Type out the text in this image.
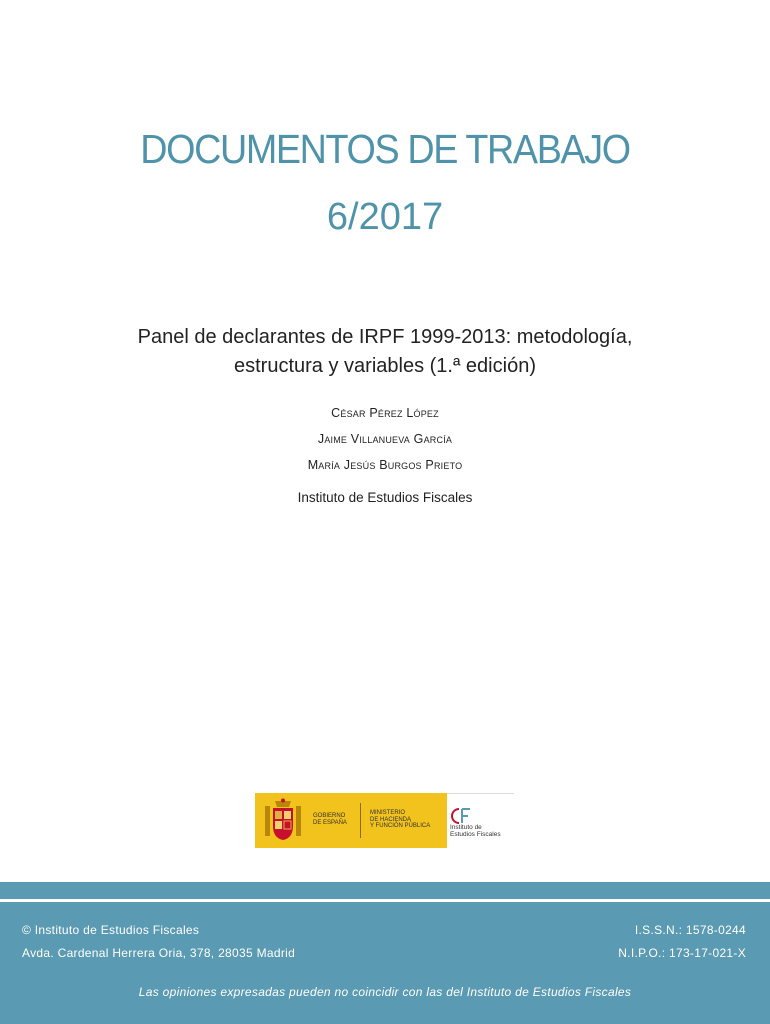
DOCUMENTOS DE TRABAJO
6/2017
Panel de declarantes de IRPF 1999-2013: metodología,
estructura y variables (1.ª edición)
César Pérez López
Jaime Villanueva García
María Jesús Burgos Prieto
Instituto de Estudios Fiscales
GOBIERNO
DE ESPAÑA
MINISTERIO
DE HACIENDA
Y FUNCIÓN PÚBLICA	Instituto de
Estudios Fiscales
© Instituto de Estudios Fiscales
Avda. Cardenal Herrera Oria, 378, 28035 Madrid
I.S.S.N.: 1578-0244
N.I.P.O.: 173-17-021-X
Las opiniones expresadas pueden no coincidir con las del Instituto de Estudios Fiscales
